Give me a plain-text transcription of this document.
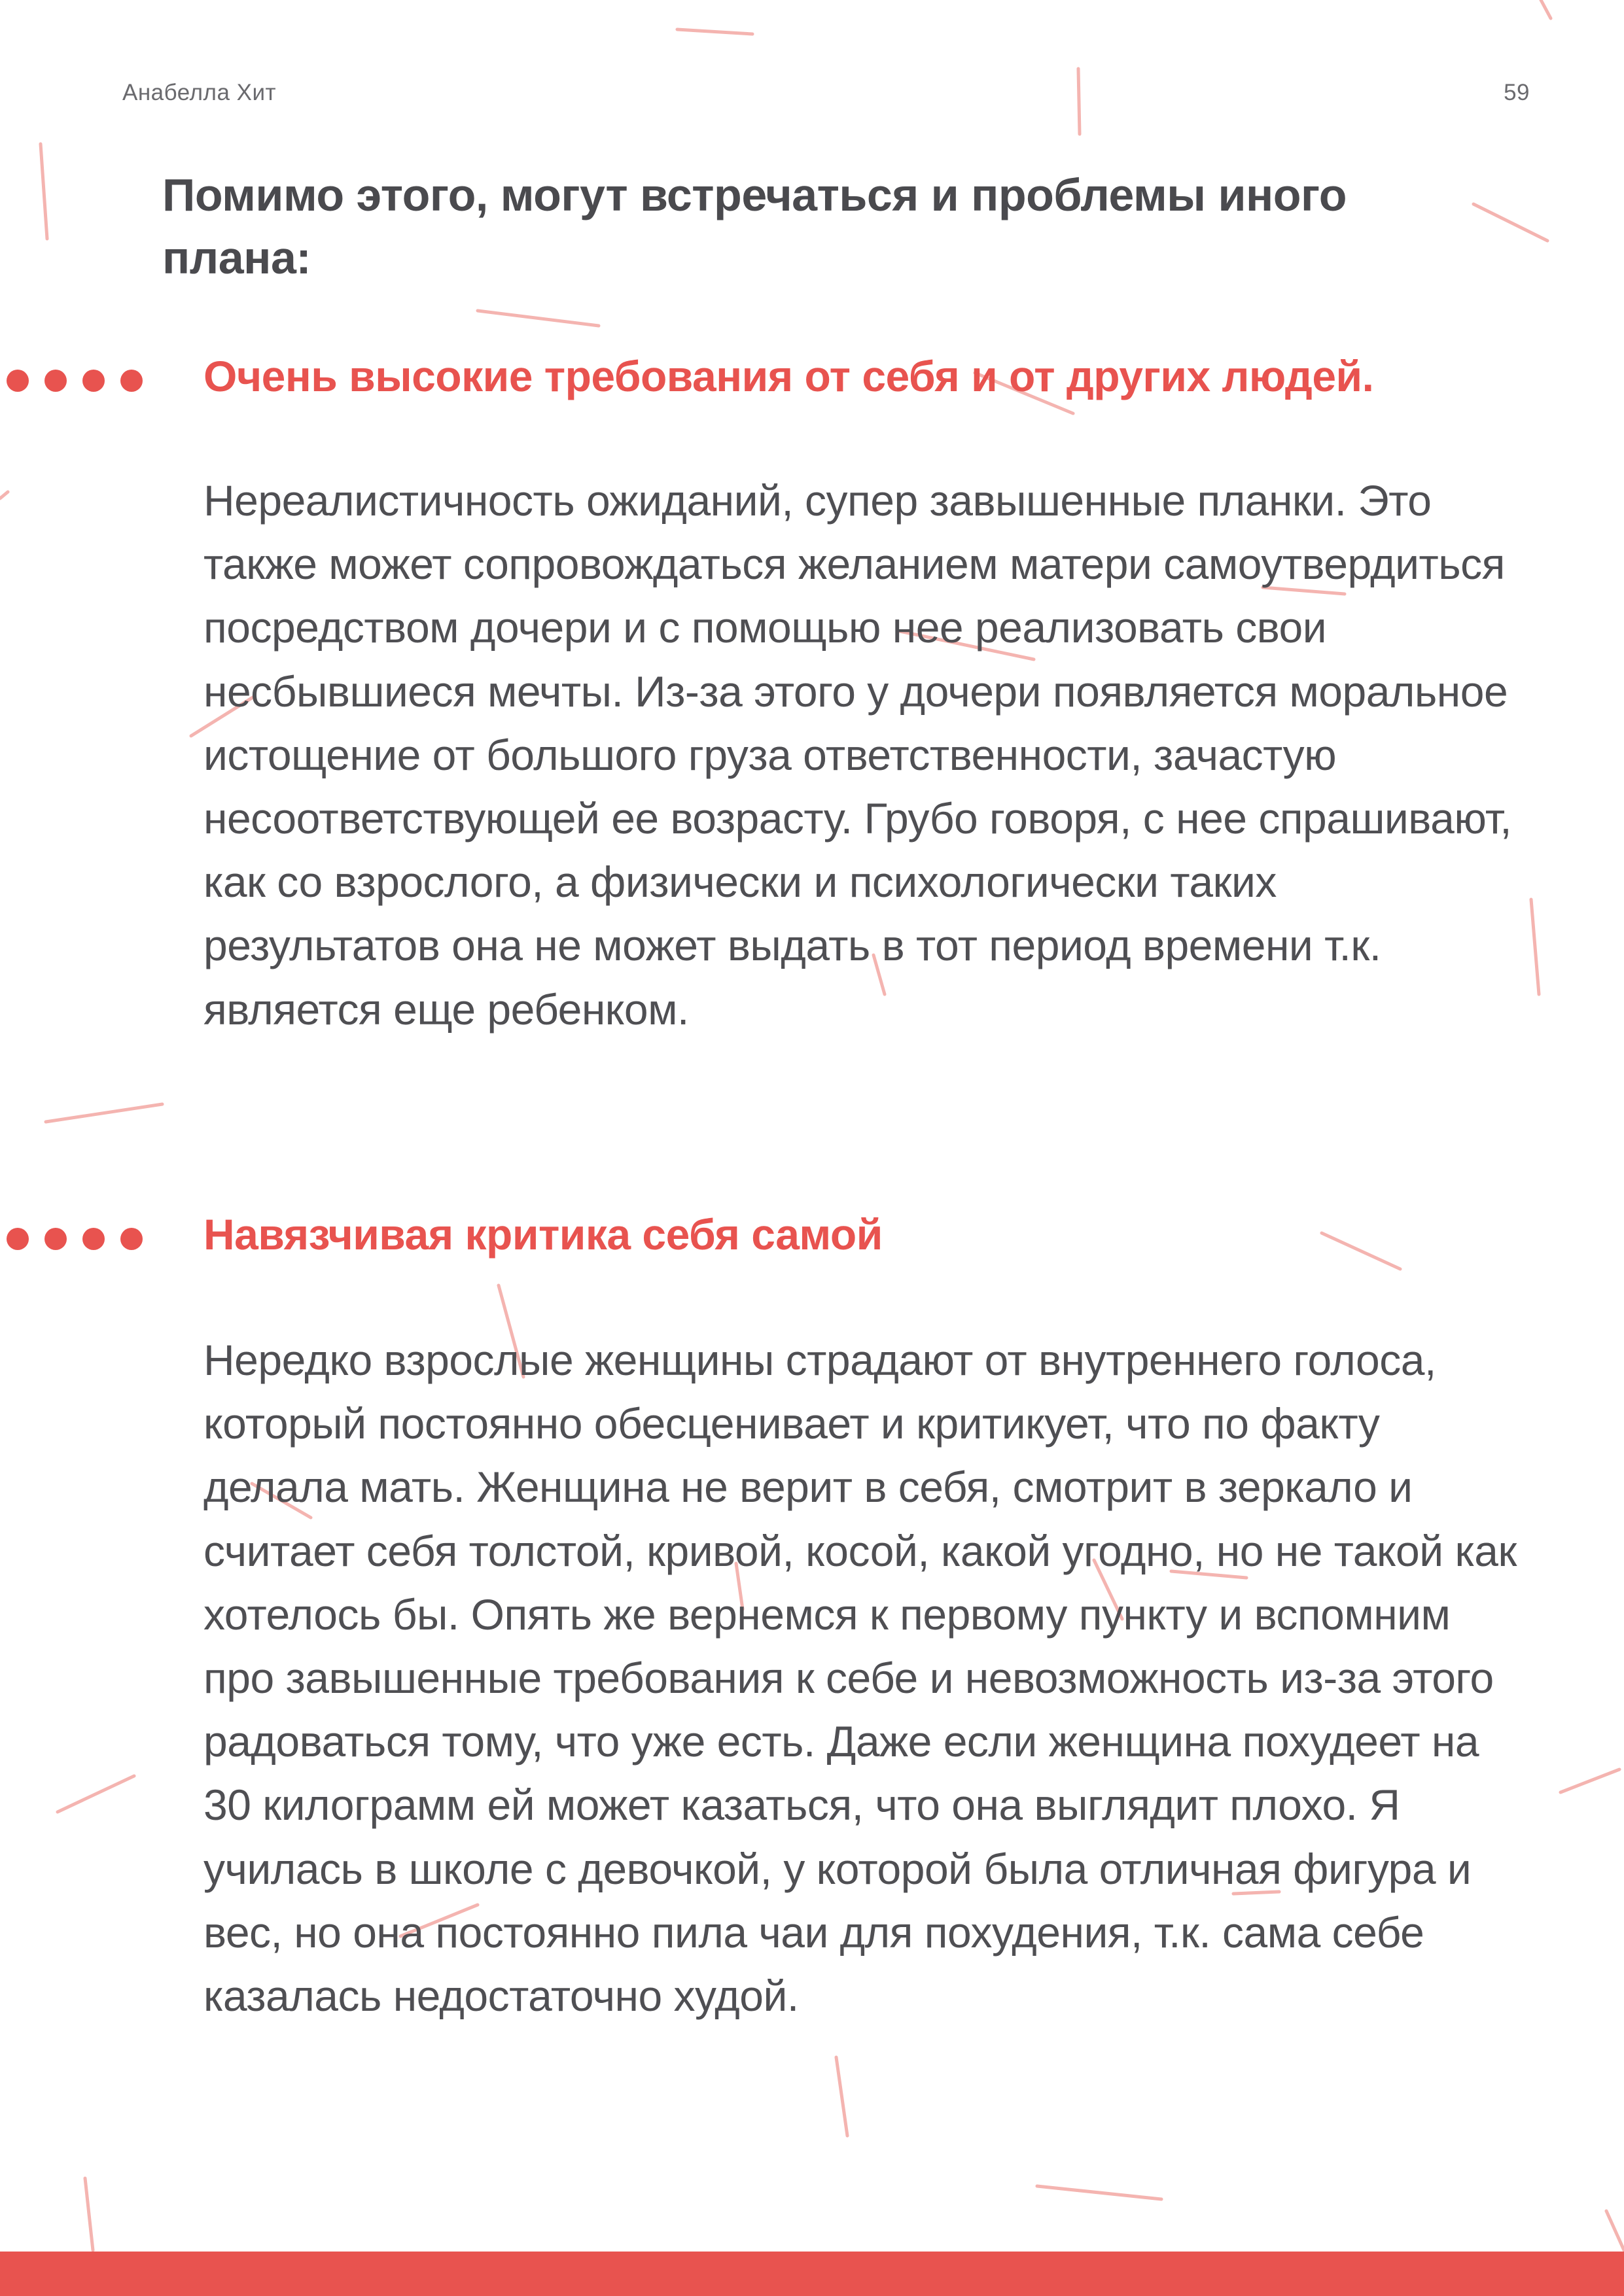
Анабелла Хит	59
Помимо этого, могут встречаться и проблемы иного плана:
Очень высокие требования от себя и от других людей.

Нереалистичность ожиданий, супер завышенные планки. Это также может сопровождаться желанием матери самоутвердиться посредством дочери и с помощью нее реализовать свои несбывшиеся мечты. Из-за этого у дочери появляется моральное истощение от большого груза ответственности, зачастую несоответствующей ее возрасту. Грубо говоря, с нее спрашивают, как со взрослого, а физически и психологически таких результатов она не может выдать в тот период времени т.к. является еще ребенком.

Навязчивая критика себя самой

Нередко взрослые женщины страдают от внутреннего голоса, который постоянно обесценивает и критикует, что по факту делала мать. Женщина не верит в себя, смотрит в зеркало и считает себя толстой, кривой, косой, какой угодно, но не такой как хотелось бы. Опять же вернемся к первому пункту и вспомним про завышенные требования к себе и невозможность из-за этого радоваться тому, что уже есть. Даже если женщина похудеет на 30 килограмм ей может казаться, что она выглядит плохо. Я училась в школе с девочкой, у которой была отличная фигура и вес, но она постоянно пила чаи для похудения, т.к. сама себе казалась недостаточно худой.
